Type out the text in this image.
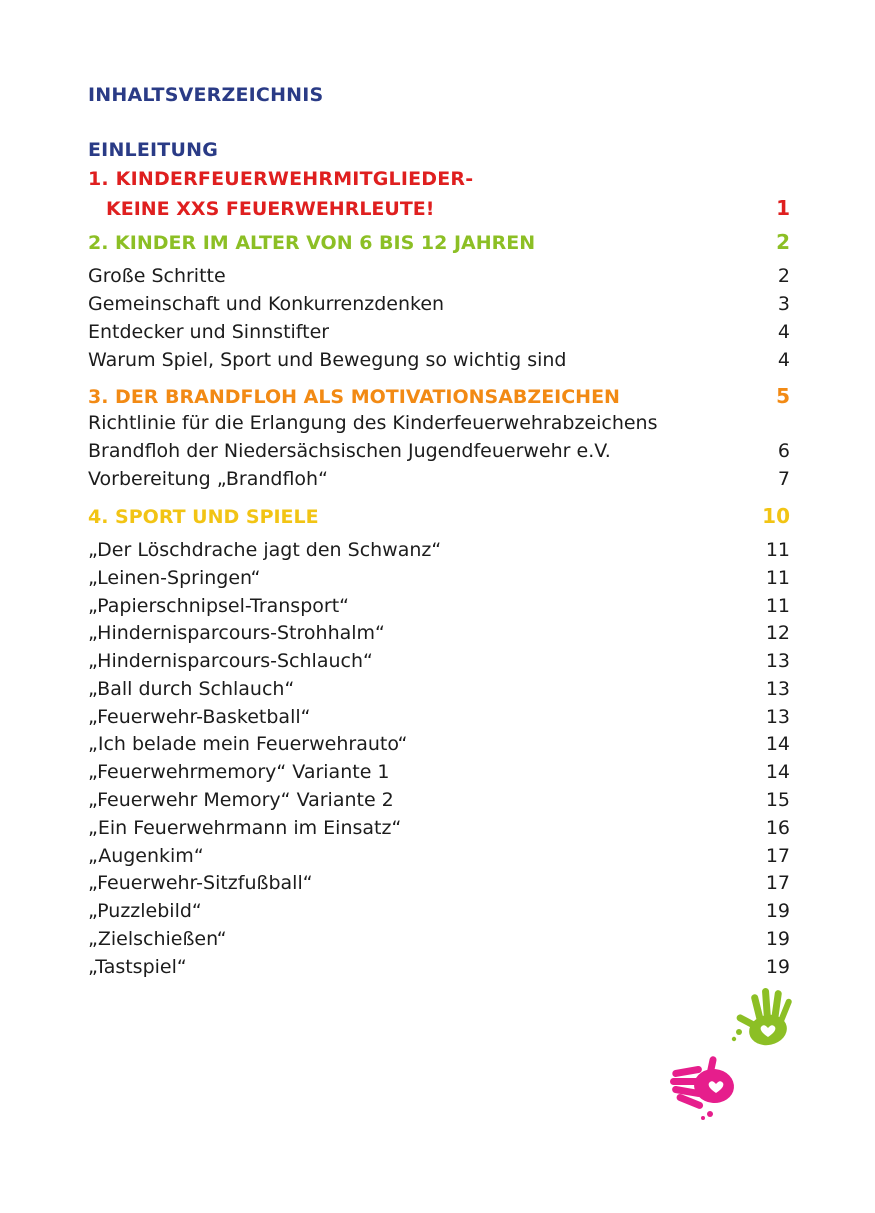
INHALTSVERZEICHNIS
EINLEITUNG
1. KINDERFEUERWEHRMITGLIEDER-
KEINE XXS FEUERWEHRLEUTE!	1
2. KINDER IM ALTER VON 6 BIS 12 JAHREN	2
Große Schritte	2
Gemeinschaft und Konkurrenzdenken	3
Entdecker und Sinnstifter	4
Warum Spiel, Sport und Bewegung so wichtig sind	4
3. DER BRANDFLOH ALS MOTIVATIONSABZEICHEN	5
Richtlinie für die Erlangung des Kinderfeuerwehrabzeichens
Brandfloh der Niedersächsischen Jugendfeuerwehr e.V.	6
Vorbereitung „Brandfloh“	7
4. SPORT UND SPIELE	10
„Der Löschdrache jagt den Schwanz“	11
„Leinen-Springen“	11
„Papierschnipsel-Transport“	11
„Hindernisparcours-Strohhalm“	12
„Hindernisparcours-Schlauch“	13
„Ball durch Schlauch“	13
„Feuerwehr-Basketball“	13
„Ich belade mein Feuerwehrauto“	14
„Feuerwehrmemory“ Variante 1	14
„Feuerwehr Memory“ Variante 2	15
„Ein Feuerwehrmann im Einsatz“	16
„Augenkim“	17
„Feuerwehr-Sitzfußball“	17
„Puzzlebild“	19
„Zielschießen“	19
„Tastspiel“	19
